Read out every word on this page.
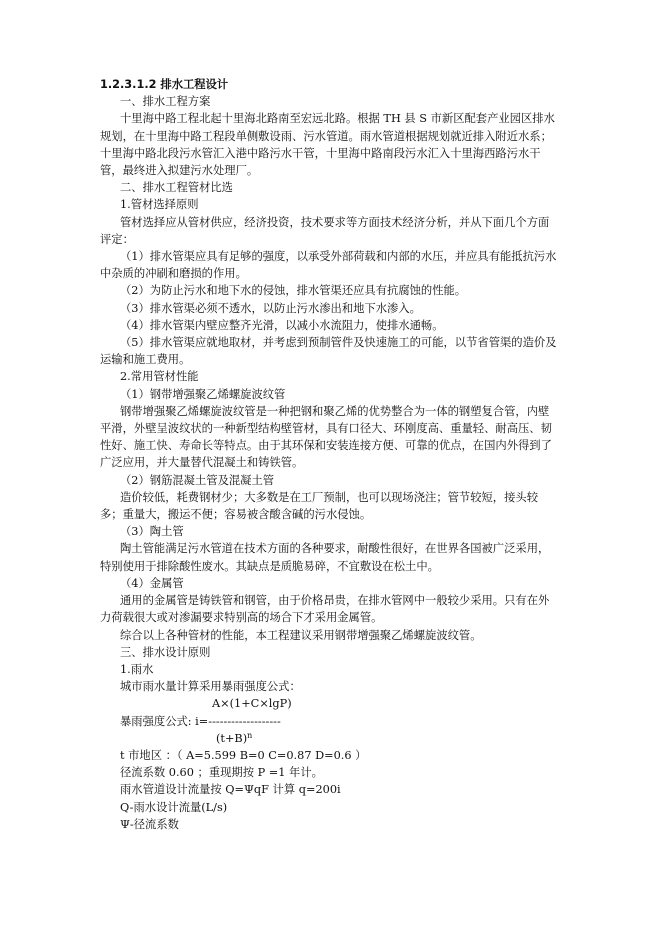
1.2.3.1.2 排水工程设计

一、排水工程方案

十里海中路工程北起十里海北路南至宏远北路。根据 TH 县 S 市新区配套产业园区排水规划，在十里海中路工程段单侧敷设雨、污水管道。雨水管道根据规划就近排入附近水系；十里海中路北段污水管汇入港中路污水干管，十里海中路南段污水汇入十里海西路污水干管，最终进入拟建污水处理厂。

二、排水工程管材比选

1.管材选择原则

管材选择应从管材供应，经济投资，技术要求等方面技术经济分析，并从下面几个方面评定：

（1）排水管渠应具有足够的强度，以承受外部荷载和内部的水压，并应具有能抵抗污水中杂质的冲刷和磨损的作用。

（2）为防止污水和地下水的侵蚀，排水管渠还应具有抗腐蚀的性能。

（3）排水管渠必须不透水，以防止污水渗出和地下水渗入。

（4）排水管渠内壁应整齐光滑，以减小水流阻力，使排水通畅。

（5）排水管渠应就地取材，并考虑到预制管件及快速施工的可能，以节省管渠的造价及运输和施工费用。

2.常用管材性能

（1）钢带增强聚乙烯螺旋波纹管

钢带增强聚乙烯螺旋波纹管是一种把钢和聚乙烯的优势整合为一体的钢塑复合管，内壁平滑，外壁呈波纹状的一种新型结构壁管材，具有口径大、环刚度高、重量轻、耐高压、韧性好、施工快、寿命长等特点。由于其环保和安装连接方便、可靠的优点，在国内外得到了广泛应用，并大量替代混凝土和铸铁管。

（2）钢筋混凝土管及混凝土管

造价较低，耗费钢材少；大多数是在工厂预制，也可以现场浇注；管节较短，接头较多；重量大，搬运不便；容易被含酸含碱的污水侵蚀。

（3）陶土管

陶土管能满足污水管道在技术方面的各种要求，耐酸性很好，在世界各国被广泛采用，特别使用于排除酸性废水。其缺点是质脆易碎，不宜敷设在松土中。

（4）金属管

通用的金属管是铸铁管和钢管，由于价格昂贵，在排水管网中一般较少采用。只有在外力荷载很大或对渗漏要求特别高的场合下才采用金属管。

综合以上各种管材的性能，本工程建议采用钢带增强聚乙烯螺旋波纹管。

三、排水设计原则

1.雨水

城市雨水量计算采用暴雨强度公式：

A×(1+C×lgP)

暴雨强度公式: i=-------------------

$(t+B)^n$

t 市地区 ：（ A=5.599 B=0 C=0.87 D=0.6 ）

径流系数 0.60 ；重现期按 P =1 年计。

雨水管道设计流量按 Q=ΨqF 计算 q=200i

Q-雨水设计流量(L/s)

Ψ-径流系数
